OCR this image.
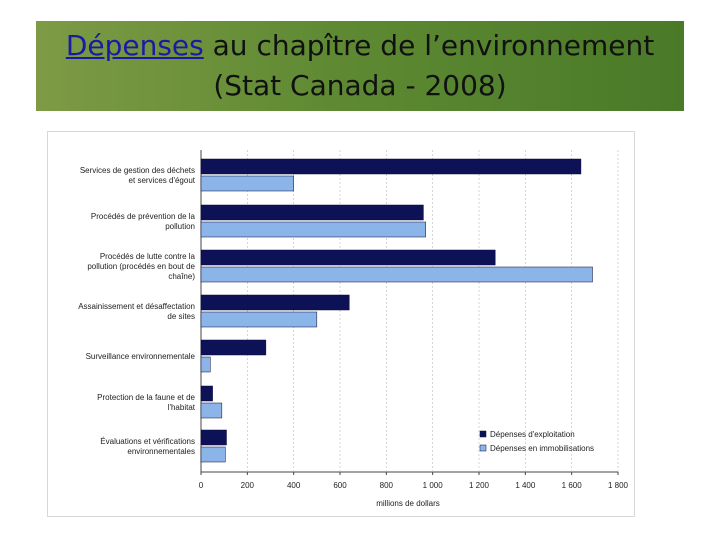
Dépenses au chapître de l’environnement
(Stat Canada - 2008)
0	200	400	600	800	1 000	1 200	1 400	1 600	1 800
Services de gestion des déchets et services d'égout
Procédés de prévention de la pollution
Procédés de lutte contre la pollution (procédés en bout de chaîne)
Assainissement et désaffectation de sites
Surveillance environnementale
Protection de la faune et de l'habitat
Évaluations et vérifications environnementales
millions de dollars
Dépenses d'exploitation
Dépenses en immobilisations
